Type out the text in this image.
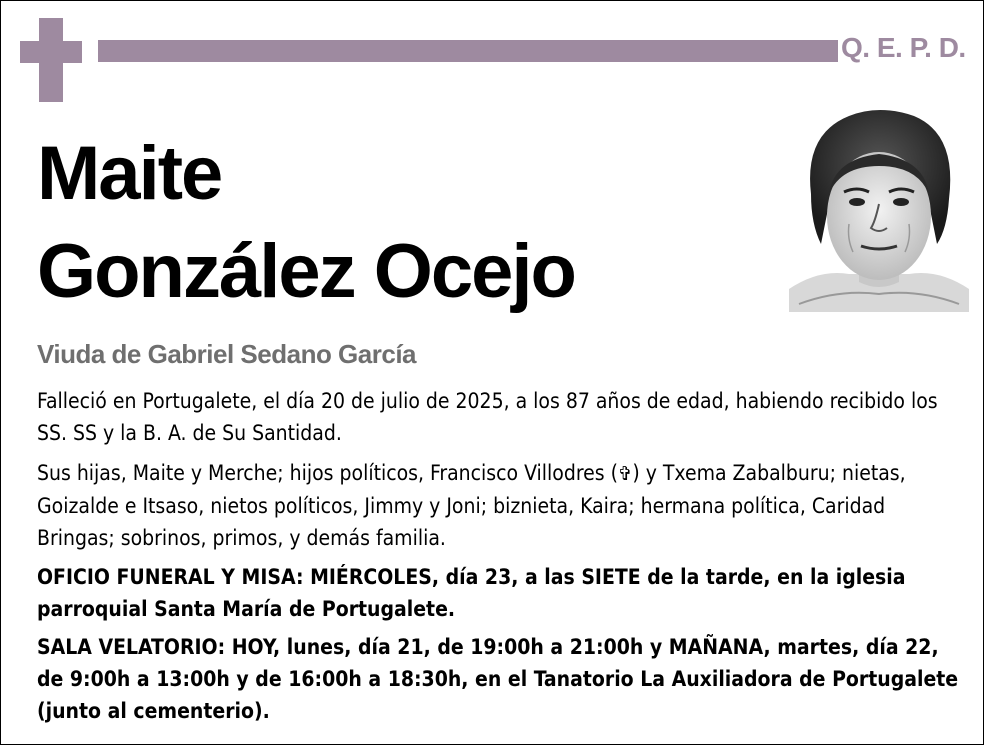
Q. E. P. D.
Maite
González Ocejo
Viuda de Gabriel Sedano García

Falleció en Portugalete, el día 20 de julio de 2025, a los 87 años de edad, habiendo recibido los SS. SS y la B. A. de Su Santidad.

Sus hijas, Maite y Merche; hijos políticos, Francisco Villodres (✞) y Txema Zabalburu; nietas, Goizalde e Itsaso, nietos políticos, Jimmy y Joni; biznieta, Kaira; hermana política, Caridad Bringas; sobrinos, primos, y demás familia.

OFICIO FUNERAL Y MISA: MIÉRCOLES, día 23, a las SIETE de la tarde, en la iglesia parroquial Santa María de Portugalete.

SALA VELATORIO: HOY, lunes, día 21, de 19:00h a 21:00h y MAÑANA, martes, día 22, de 9:00h a 13:00h y de 16:00h a 18:30h, en el Tanatorio La Auxiliadora de Portugalete (junto al cementerio).
